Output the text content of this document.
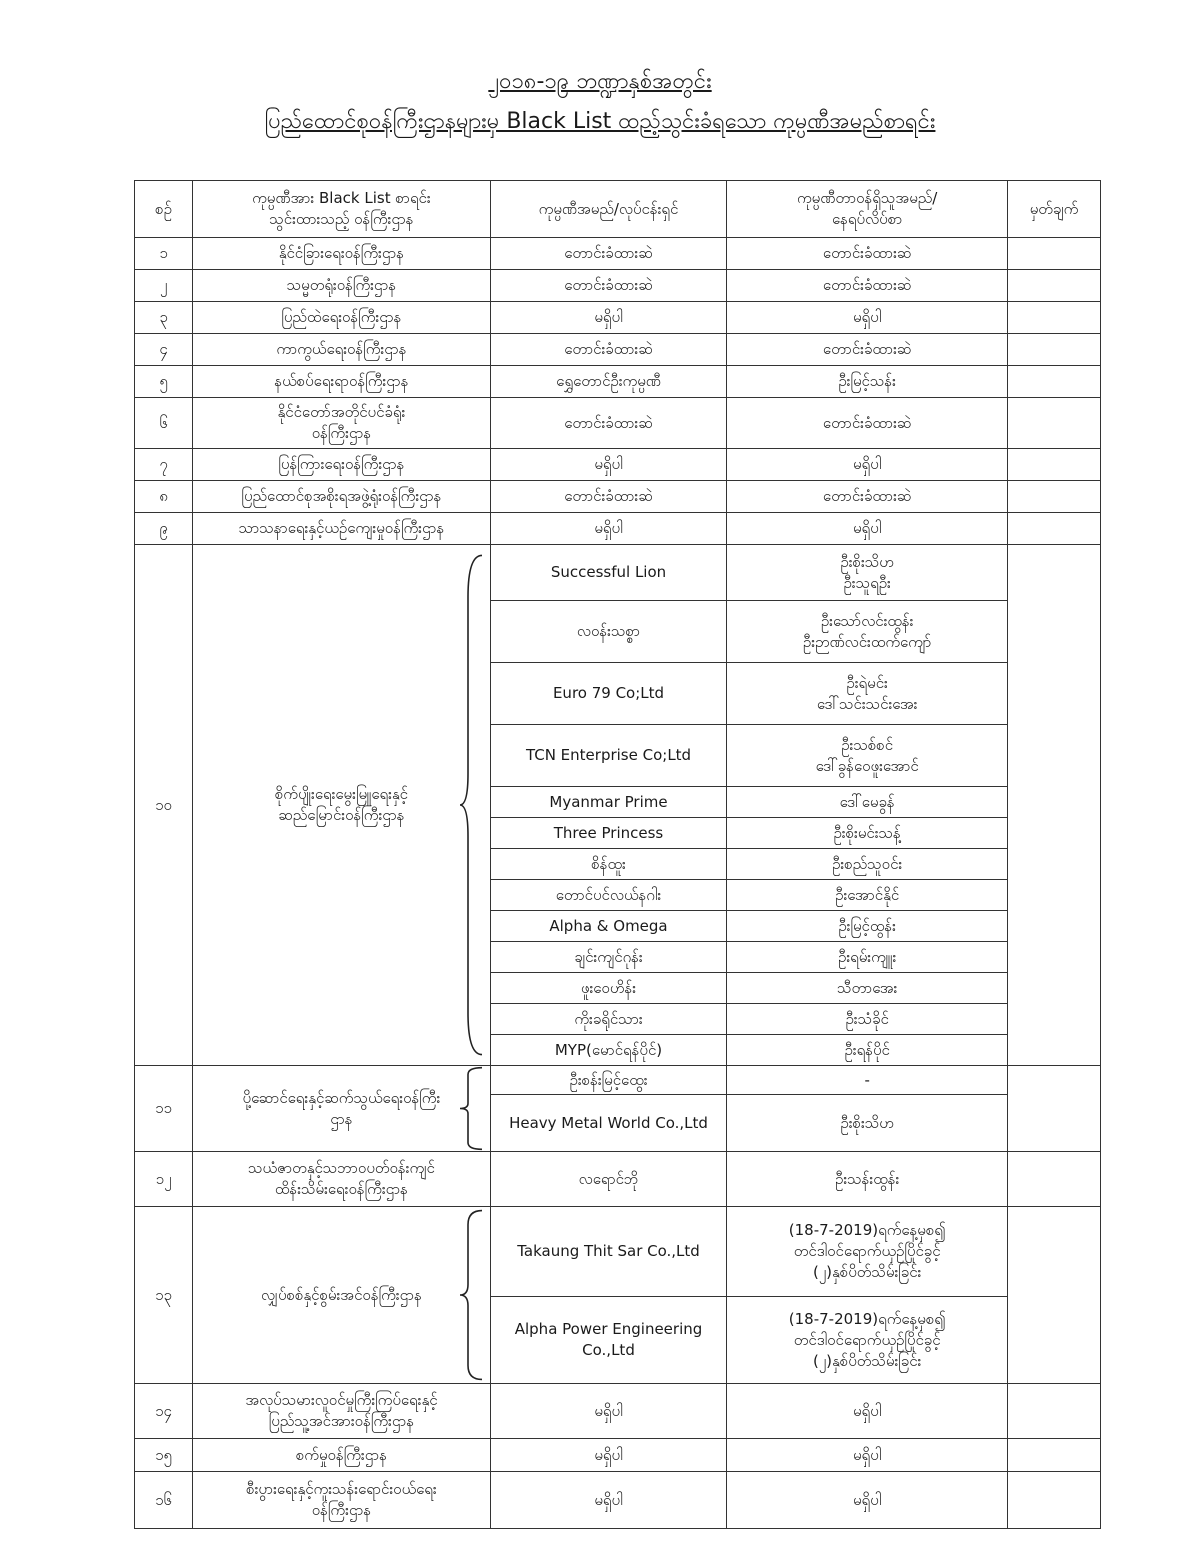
၂၀၁၈-၁၉ ဘဏ္ဍာနှစ်အတွင်း
ပြည်ထောင်စုဝန်ကြီးဌာနများမှ Black List ထည့်သွင်းခံရသော ကုမ္ပဏီအမည်စာရင်း
စဉ်	ကုမ္ပဏီအား Black List စာရင်း
သွင်းထားသည့် ဝန်ကြီးဌာန	ကုမ္ပဏီအမည်/လုပ်ငန်းရှင်	ကုမ္ပဏီတာဝန်ရှိသူအမည်/
နေရပ်လိပ်စာ	မှတ်ချက်
၁	နိုင်ငံခြားရေးဝန်ကြီးဌာန	တောင်းခံထားဆဲ	တောင်းခံထားဆဲ	
၂	သမ္မတရုံးဝန်ကြီးဌာန	တောင်းခံထားဆဲ	တောင်းခံထားဆဲ	
၃	ပြည်ထဲရေးဝန်ကြီးဌာန	မရှိပါ	မရှိပါ	
၄	ကာကွယ်ရေးဝန်ကြီးဌာန	တောင်းခံထားဆဲ	တောင်းခံထားဆဲ	
၅	နယ်စပ်ရေးရာဝန်ကြီးဌာန	ရွှေတောင်ဦးကုမ္ပဏီ	ဦးမြင့်သန်း	
၆	နိုင်ငံတော်အတိုင်ပင်ခံရုံး
ဝန်ကြီးဌာန	တောင်းခံထားဆဲ	တောင်းခံထားဆဲ	
၇	ပြန်ကြားရေးဝန်ကြီးဌာန	မရှိပါ	မရှိပါ	
၈	ပြည်ထောင်စုအစိုးရအဖွဲ့ရုံးဝန်ကြီးဌာန	တောင်းခံထားဆဲ	တောင်းခံထားဆဲ	
၉	သာသနာရေးနှင့်ယဉ်ကျေးမှုဝန်ကြီးဌာန	မရှိပါ	မရှိပါ	
၁၀	စိုက်ပျိုးရေးမွေးမြူရေးနှင့်
ဆည်မြောင်းဝန်ကြီးဌာန	Successful Lion	ဦးစိုးသိဟ
ဦးသူရဦး	
		လဝန်းသစ္စာ	ဦးသော်လင်းထွန်း
ဦးဉာဏ်လင်းထက်ကျော်	
		Euro 79 Co;Ltd	ဦးရဲမင်း
ဒေါ်သင်းသင်းအေး	
		TCN Enterprise Co;Ltd	ဦးသစ်စင်
ဒေါ်ခွန်ဝေဖူးအောင်	
		Myanmar Prime	ဒေါ်မေခွန်	
		Three Princess	ဦးစိုးမင်းသန့်	
		စိန်ထူး	ဦးစည်သူဝင်း	
		တောင်ပင်လယ်နဂါး	ဦးအောင်နိုင်	
		Alpha & Omega	ဦးမြင့်ထွန်း	
		ချင်းကျင်ဂုန်း	ဦးရမ်းကျူး	
		ဖူးဝေဟိန်း	သီတာအေး	
		ကိုးခရိုင်သား	ဦးသံခိုင်	
		MYP(မောင်ရန်ပိုင်)	ဦးရန်ပိုင်	
၁၁	ပို့ဆောင်ရေးနှင့်ဆက်သွယ်ရေးဝန်ကြီး
ဌာန	ဦးစန်းမြင့်ထွေး	-	
		Heavy Metal World Co.,Ltd	ဦးစိုးသိဟ	
၁၂	သယံဇာတနှင့်သဘာဝပတ်ဝန်းကျင်
ထိန်းသိမ်းရေးဝန်ကြီးဌာန	လရောင်ဘို	ဦးသန်းထွန်း	
၁၃	လျှပ်စစ်နှင့်စွမ်းအင်ဝန်ကြီးဌာန	Takaung Thit Sar Co.,Ltd	(18-7-2019)ရက်နေ့မှစ၍
တင်ဒါဝင်ရောက်ယှဉ်ပြိုင်ခွင့်
(၂)နှစ်ပိတ်သိမ်းခြင်း	
		Alpha Power Engineering
Co.,Ltd	(18-7-2019)ရက်နေ့မှစ၍
တင်ဒါဝင်ရောက်ယှဉ်ပြိုင်ခွင့်
(၂)နှစ်ပိတ်သိမ်းခြင်း	
၁၄	အလုပ်သမားလူဝင်မှုကြီးကြပ်ရေးနှင့်
ပြည်သူ့အင်အားဝန်ကြီးဌာန	မရှိပါ	မရှိပါ	
၁၅	စက်မှုဝန်ကြီးဌာန	မရှိပါ	မရှိပါ	
၁၆	စီးပွားရေးနှင့်ကူးသန်းရောင်းဝယ်ရေး
ဝန်ကြီးဌာန	မရှိပါ	မရှိပါ	
